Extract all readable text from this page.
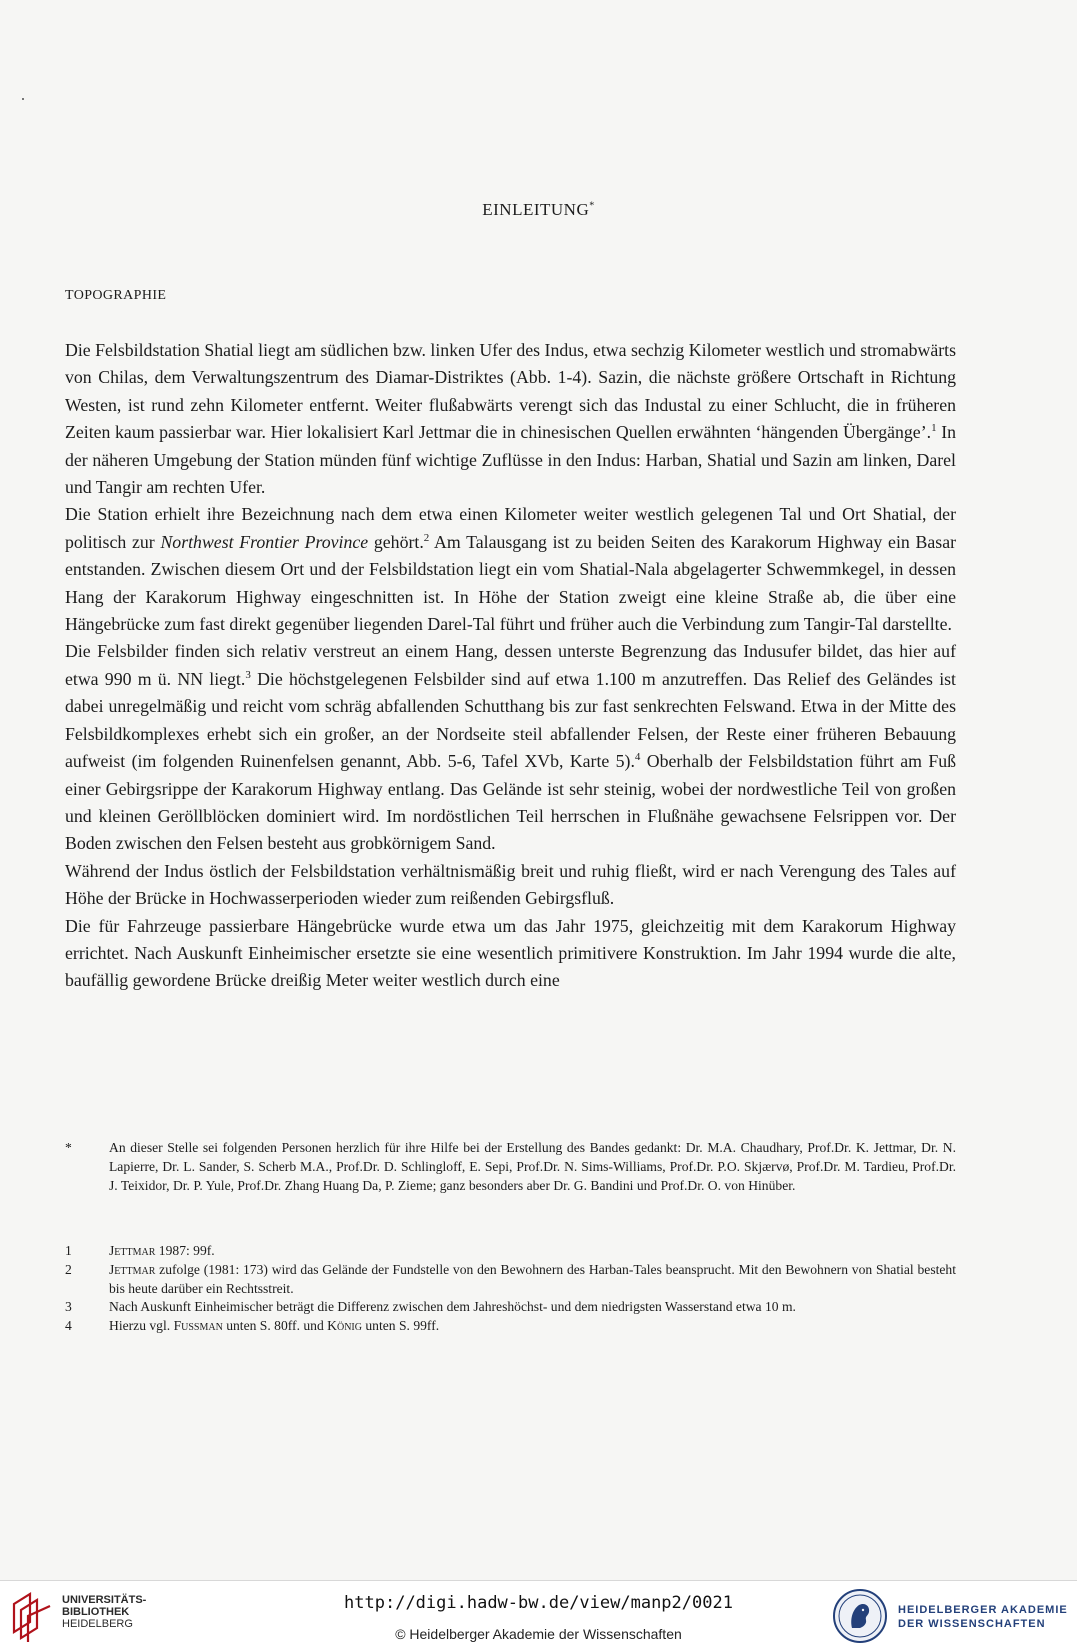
EINLEITUNG*
TOPOGRAPHIE

Die Felsbildstation Shatial liegt am südlichen bzw. linken Ufer des Indus, etwa sechzig Kilometer westlich und stromabwärts von Chilas, dem Verwaltungszentrum des Diamar-Distriktes (Abb. 1-4). Sazin, die nächste größere Ortschaft in Richtung Westen, ist rund zehn Kilometer entfernt. Weiter flußabwärts verengt sich das Industal zu einer Schlucht, die in früheren Zeiten kaum passierbar war. Hier lokalisiert Karl Jettmar die in chinesischen Quellen erwähnten ‘hängenden Übergänge’.$^1$ In der näheren Umgebung der Station münden fünf wichtige Zuflüsse in den Indus: Harban, Shatial und Sazin am linken, Darel und Tangir am rechten Ufer.

Die Station erhielt ihre Bezeichnung nach dem etwa einen Kilometer weiter westlich gelegenen Tal und Ort Shatial, der politisch zur Northwest Frontier Province gehört.$^2$ Am Talausgang ist zu beiden Seiten des Karakorum Highway ein Basar entstanden. Zwischen diesem Ort und der Felsbildstation liegt ein vom Shatial-Nala abgelagerter Schwemmkegel, in dessen Hang der Karakorum Highway eingeschnitten ist. In Höhe der Station zweigt eine kleine Straße ab, die über eine Hängebrücke zum fast direkt gegenüber liegenden Darel-Tal führt und früher auch die Verbindung zum Tangir-Tal darstellte.

Die Felsbilder finden sich relativ verstreut an einem Hang, dessen unterste Begrenzung das Indusufer bildet, das hier auf etwa 990 m ü. NN liegt.$^3$ Die höchstgelegenen Felsbilder sind auf etwa 1.100 m anzutreffen. Das Relief des Geländes ist dabei unregelmäßig und reicht vom schräg abfallenden Schutthang bis zur fast senkrechten Felswand. Etwa in der Mitte des Felsbildkomplexes erhebt sich ein großer, an der Nordseite steil abfallender Felsen, der Reste einer früheren Bebauung aufweist (im folgenden Ruinenfelsen genannt, Abb. 5-6, Tafel XVb, Karte 5).$^4$ Oberhalb der Felsbildstation führt am Fuß einer Gebirgsrippe der Karakorum Highway entlang. Das Gelände ist sehr steinig, wobei der nordwestliche Teil von großen und kleinen Geröllblöcken dominiert wird. Im nordöstlichen Teil herrschen in Flußnähe gewachsene Felsrippen vor. Der Boden zwischen den Felsen besteht aus grobkörnigem Sand.

Während der Indus östlich der Felsbildstation verhältnismäßig breit und ruhig fließt, wird er nach Verengung des Tales auf Höhe der Brücke in Hochwasserperioden wieder zum reißenden Gebirgsfluß.

Die für Fahrzeuge passierbare Hängebrücke wurde etwa um das Jahr 1975, gleichzeitig mit dem Karakorum Highway errichtet. Nach Auskunft Einheimischer ersetzte sie eine wesentlich primitivere Konstruktion. Im Jahr 1994 wurde die alte, baufällig gewordene Brücke dreißig Meter weiter westlich durch eine

*	An dieser Stelle sei folgenden Personen herzlich für ihre Hilfe bei der Erstellung des Bandes gedankt: Dr. M.A. Chaudhary, Prof.Dr. K. Jettmar, Dr. N. Lapierre, Dr. L. Sander, S. Scherb M.A., Prof.Dr. D. Schlingloff, E. Sepi, Prof.Dr. N. Sims-Williams, Prof.Dr. P.O. Skjærvø, Prof.Dr. M. Tardieu, Prof.Dr. J. Teixidor, Dr. P. Yule, Prof.Dr. Zhang Huang Da, P. Zieme; ganz besonders aber Dr. G. Bandini und Prof.Dr. O. von Hinüber.
1	Jettmar 1987: 99f.
2	Jettmar zufolge (1981: 173) wird das Gelände der Fundstelle von den Bewohnern des Harban-Tales beansprucht. Mit den Bewohnern von Shatial besteht bis heute darüber ein Rechtsstreit.
3	Nach Auskunft Einheimischer beträgt die Differenz zwischen dem Jahreshöchst- und dem niedrigsten Wasserstand etwa 10 m.
4	Hierzu vgl. Fussman unten S. 80ff. und König unten S. 99ff.
UNIVERSITÄTS-
BIBLIOTHEK
HEIDELBERG
http://digi.hadw-bw.de/view/manp2/0021
© Heidelberger Akademie der Wissenschaften
HEIDELBERGER AKADEMIE
DER WISSENSCHAFTEN
